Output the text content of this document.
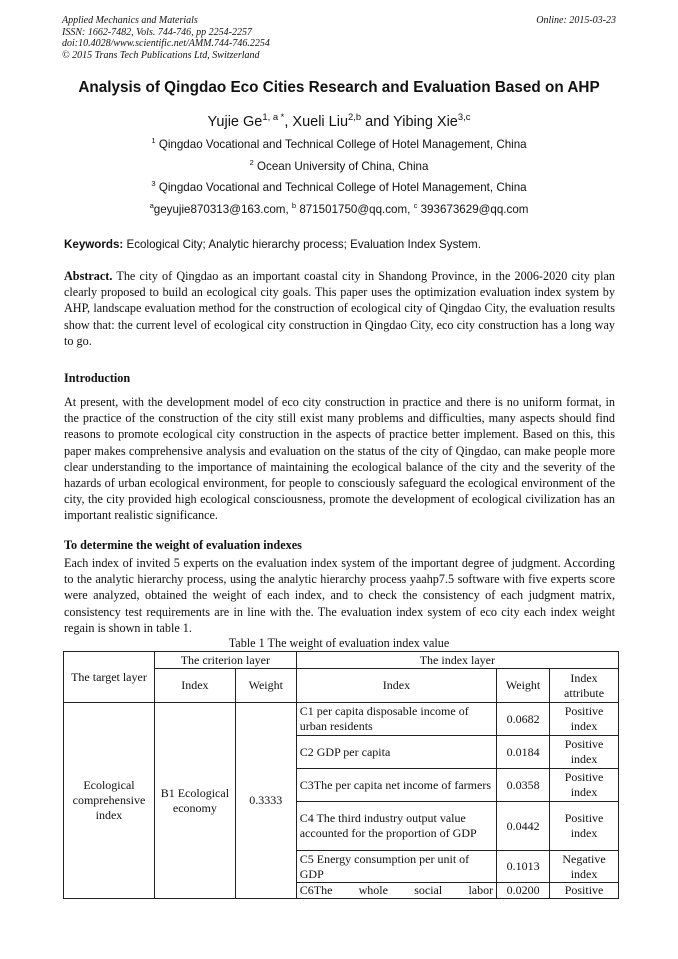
Applied Mechanics and Materials
ISSN: 1662-7482, Vols. 744-746, pp 2254-2257
doi:10.4028/www.scientific.net/AMM.744-746.2254
© 2015 Trans Tech Publications Ltd, Switzerland
Online: 2015-03-23
Analysis of Qingdao Eco Cities Research and Evaluation Based on AHP
Yujie $Ge^{1, a *}$, Xueli Liu$^{2,b}$ and Yibing Xie$^{3,c}$
$^1$ Qingdao Vocational and Technical College of Hotel Management, China
$^2$ Ocean University of China, China
$^3$ Qingdao Vocational and Technical College of Hotel Management, China
$^a$geyujie870313@163.com, $^b$ 871501750@qq.com, $^c$ 393673629@qq.com
Keywords: Ecological City; Analytic hierarchy process; Evaluation Index System.
Abstract. The city of Qingdao as an important coastal city in Shandong Province, in the 2006-2020 city plan clearly proposed to build an ecological city goals. This paper uses the optimization evaluation index system by AHP, landscape evaluation method for the construction of ecological city of Qingdao City, the evaluation results show that: the current level of ecological city construction in Qingdao City, eco city construction has a long way to go.
Introduction
At present, with the development model of eco city construction in practice and there is no uniform format, in the practice of the construction of the city still exist many problems and difficulties, many aspects should find reasons to promote ecological city construction in the aspects of practice better implement. Based on this, this paper makes comprehensive analysis and evaluation on the status of the city of Qingdao, can make people more clear understanding to the importance of maintaining the ecological balance of the city and the severity of the hazards of urban ecological environment, for people to consciously safeguard the ecological environment of the city, the city provided high ecological consciousness, promote the development of ecological civilization has an important realistic significance.
To determine the weight of evaluation indexes
Each index of invited 5 experts on the evaluation index system of the important degree of judgment. According to the analytic hierarchy process, using the analytic hierarchy process yaahp7.5 software with five experts score were analyzed, obtained the weight of each index, and to check the consistency of each judgment matrix, consistency test requirements are in line with the. The evaluation index system of eco city each index weight regain is shown in table 1.
Table 1 The weight of evaluation index value
The target layer	The criterion layer		The index layer		
	Index	Weight	Index	Weight	Index attribute
Ecological comprehensive index	B1 Ecological economy	0.3333	C1 per capita disposable income of urban residents	0.0682	Positive index
			C2 GDP per capita	0.0184	Positive index
			C3The per capita net income of farmers	0.0358	Positive index
			C4 The third industry output value accounted for the proportion of GDP	0.0442	Positive index
			C5 Energy consumption per unit of GDP	0.1013	Negative index
			C6The whole social labor	0.0200	Positive
